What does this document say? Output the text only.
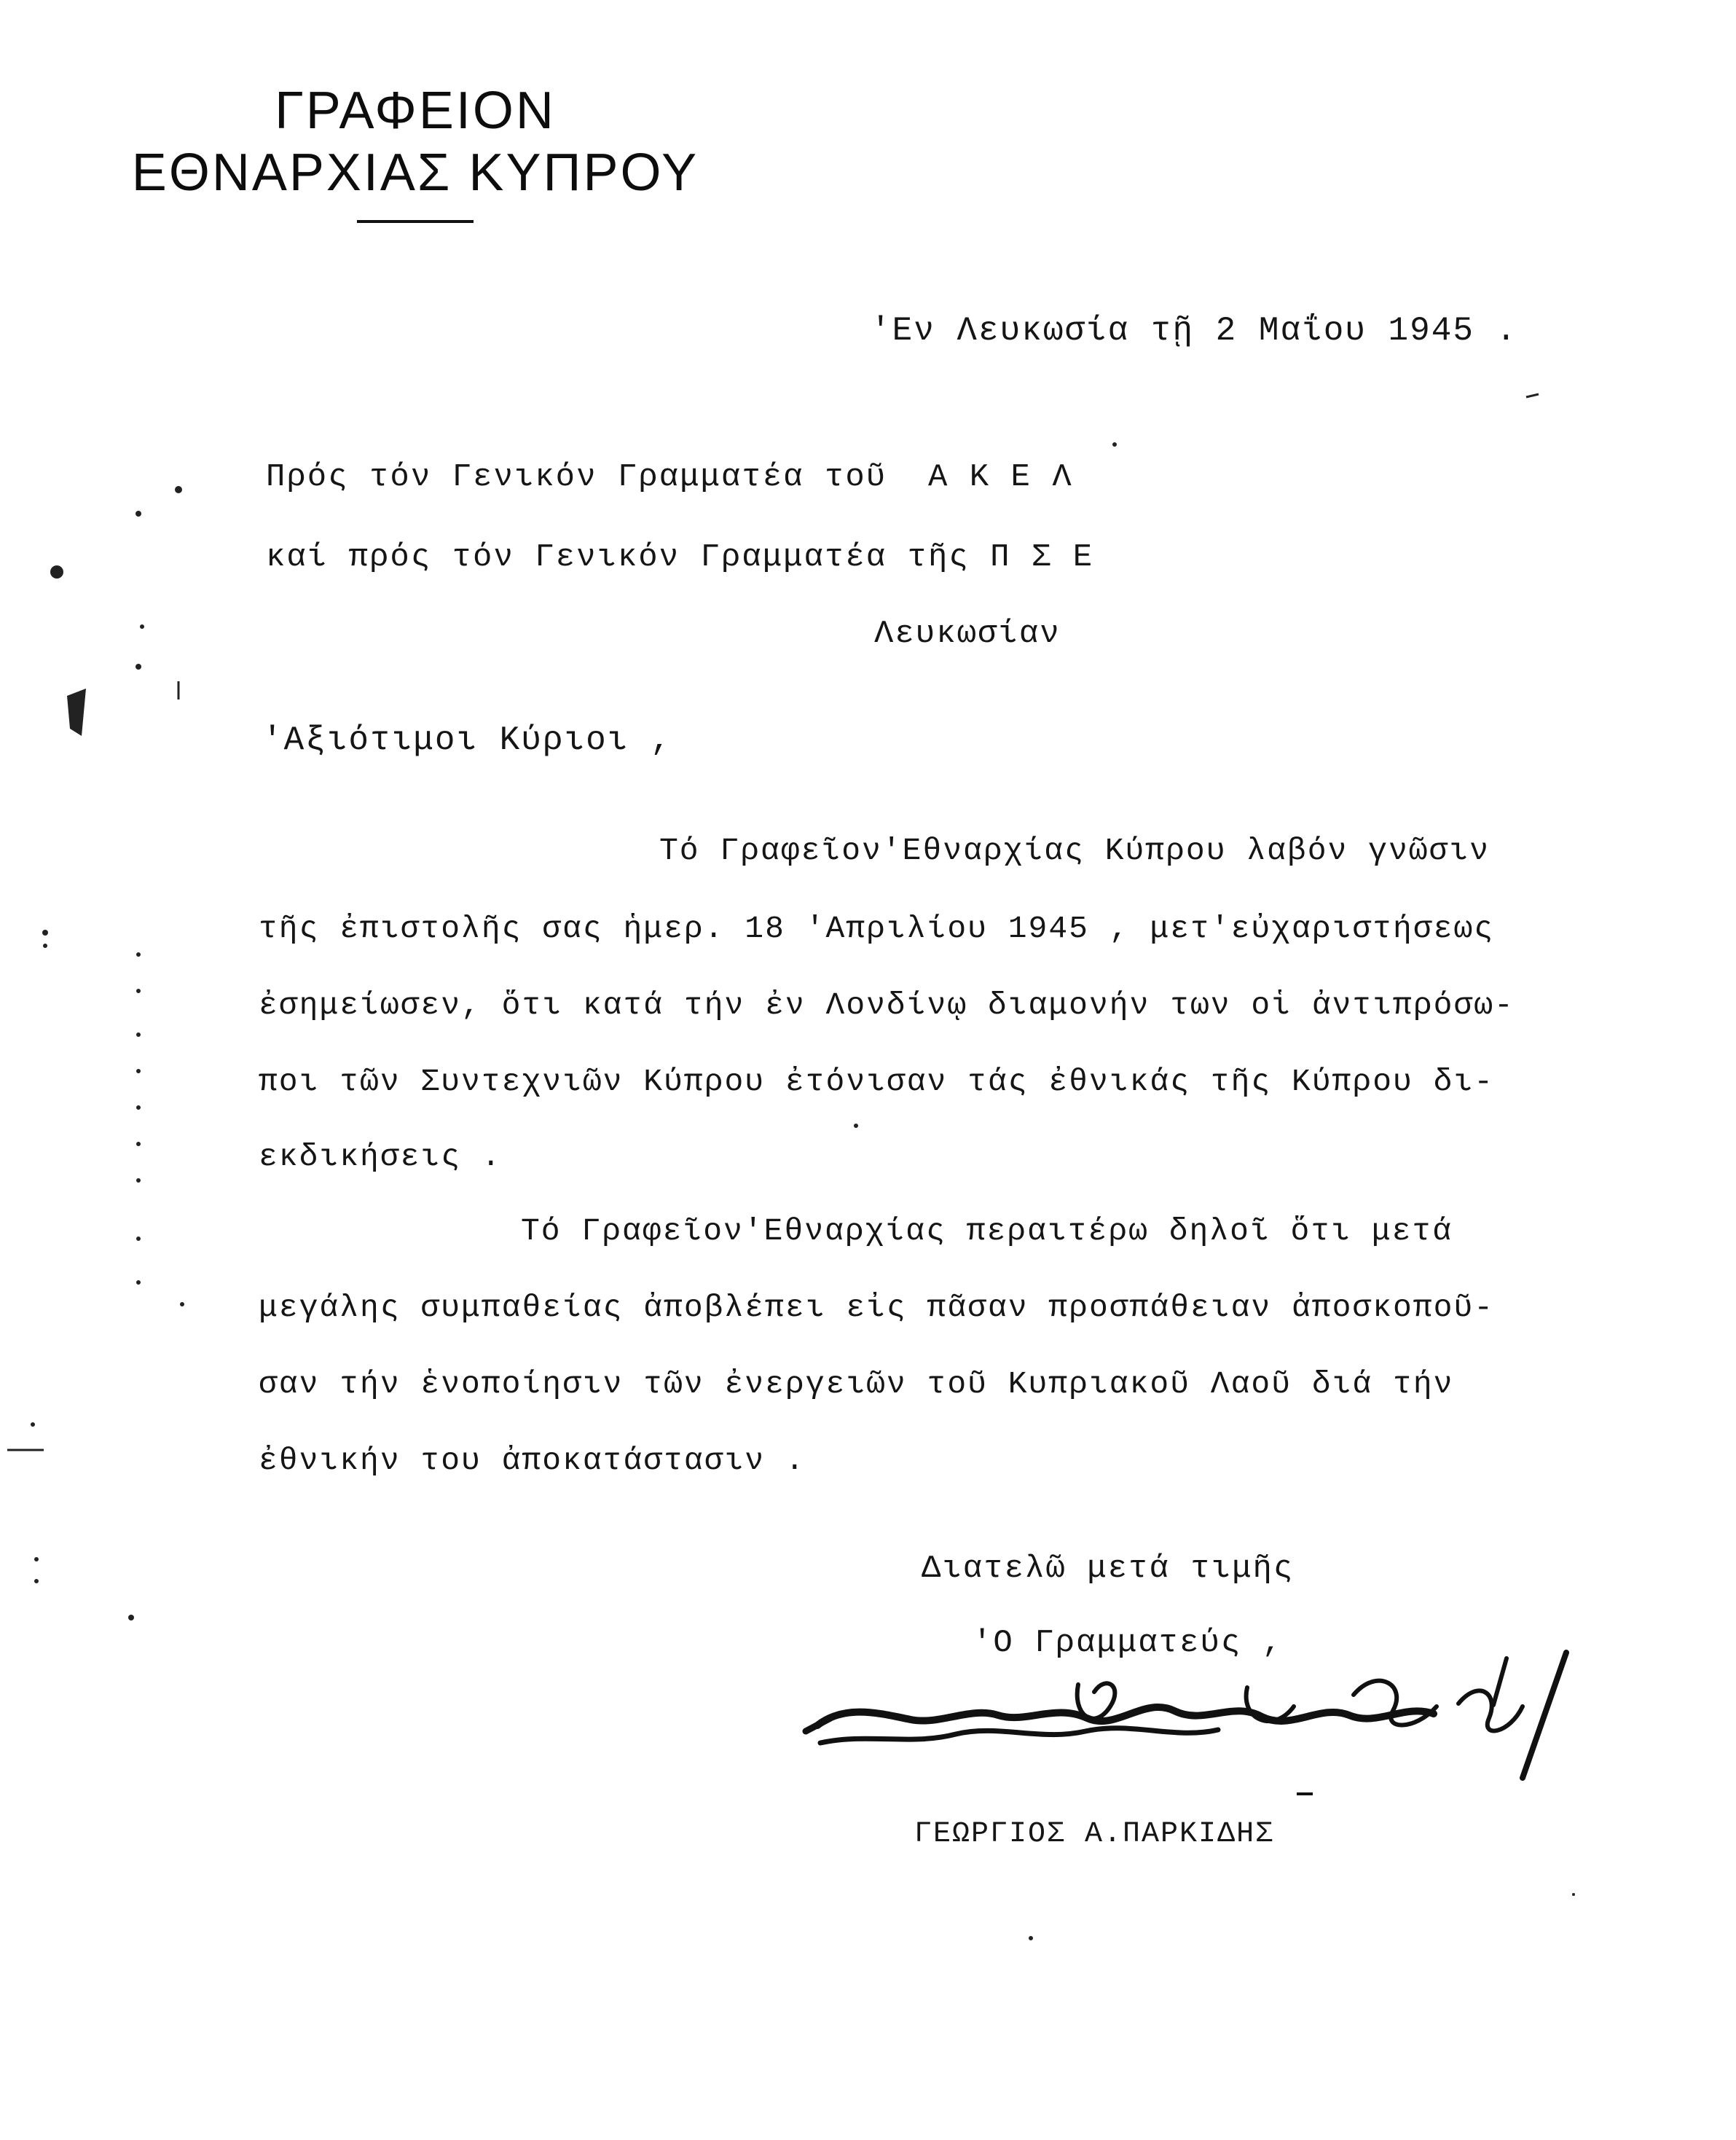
ΓΡΑΦΕΙΟΝ
ΕΘΝΑΡΧΙΑΣ ΚΥΠΡΟΥ
'Εν Λευκωσία τῇ 2 Μαΐου 1945 .
Πρός τόν Γενικόν Γραμματέα τοῦ  Α Κ Ε Λ
καί πρός τόν Γενικόν Γραμματέα τῆς Π Σ Ε
Λευκωσίαν
'Αξιότιμοι Κύριοι ,
Τό Γραφεῖον'Εθναρχίας Κύπρου λαβόν γνῶσιν
τῆς ἐπιστολῆς σας ἡμερ. 18 'Απριλίου 1945 , μετ'εὐχαριστήσεως
ἐσημείωσεν, ὅτι κατά τήν ἐν Λονδίνῳ διαμονήν των οἱ ἀντιπρόσω-
ποι τῶν Συντεχνιῶν Κύπρου ἐτόνισαν τάς ἐθνικάς τῆς Κύπρου δι-
εκδικήσεις .
Τό Γραφεῖον'Εθναρχίας περαιτέρω δηλοῖ ὅτι μετά
μεγάλης συμπαθείας ἀποβλέπει εἰς πᾶσαν προσπάθειαν ἀποσκοποῦ-
σαν τήν ἑνοποίησιν τῶν ἐνεργειῶν τοῦ Κυπριακοῦ Λαοῦ διά τήν
ἐθνικήν του ἀποκατάστασιν .
Διατελῶ μετά τιμῆς
'Ο Γραμματεύς ,
ΓΕΩΡΓΙΟΣ Α.ΠΑΡΚΙΔΗΣ
